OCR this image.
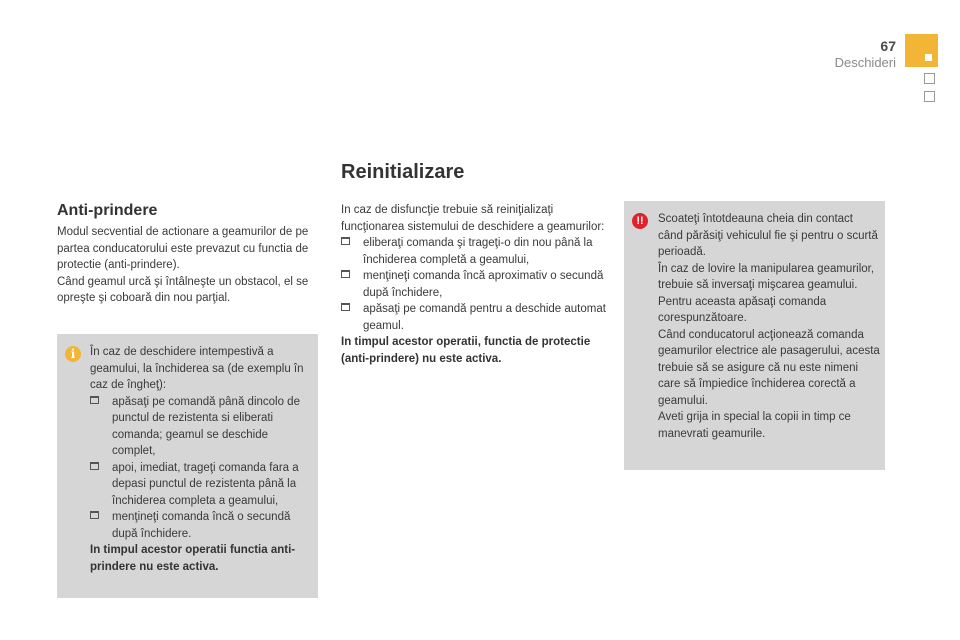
67
Deschideri
Reinitializare
Anti-prindere

Modul secvential de actionare a geamurilor de pe partea conducatorului este prevazut cu functia de protectie (anti-prindere).

Când geamul urcă şi întâlneşte un obstacol, el se opreşte şi coboară din nou parţial.

i	În caz de deschidere intempestivă a geamului, la închiderea sa (de exemplu în caz de îngheţ):

apăsaţi pe comandă până dincolo de punctul de rezistenta si eliberati comanda; geamul se deschide complet,
apoi, imediat, trageţi comanda fara a depasi punctul de rezistenta până la închiderea completa a geamului,
menţineţi comanda încă o secundă după închidere.

In timpul acestor operatii functia anti-prindere nu este activa.

In caz de disfuncţie trebuie să reiniţializaţi funcţionarea sistemului de deschidere a geamurilor:

eliberaţi comanda şi trageţi-o din nou până la închiderea completă a geamului,
menţineţi comanda încă aproximativ o secundă după închidere,
apăsaţi pe comandă pentru a deschide automat geamul.

In timpul acestor operatii, functia de protectie (anti-prindere) nu este activa.

!!	Scoateţi întotdeauna cheia din contact când părăsiţi vehiculul fie şi pentru o scurtă perioadă.

În caz de lovire la manipularea geamurilor, trebuie să inversaţi mişcarea geamului. Pentru aceasta apăsaţi comanda corespunzătoare.

Când conducatorul acţionează comanda geamurilor electrice ale pasagerului, acesta trebuie să se asigure că nu este nimeni care să împiedice închiderea corectă a geamului.

Aveti grija in special la copii in timp ce manevrati geamurile.
